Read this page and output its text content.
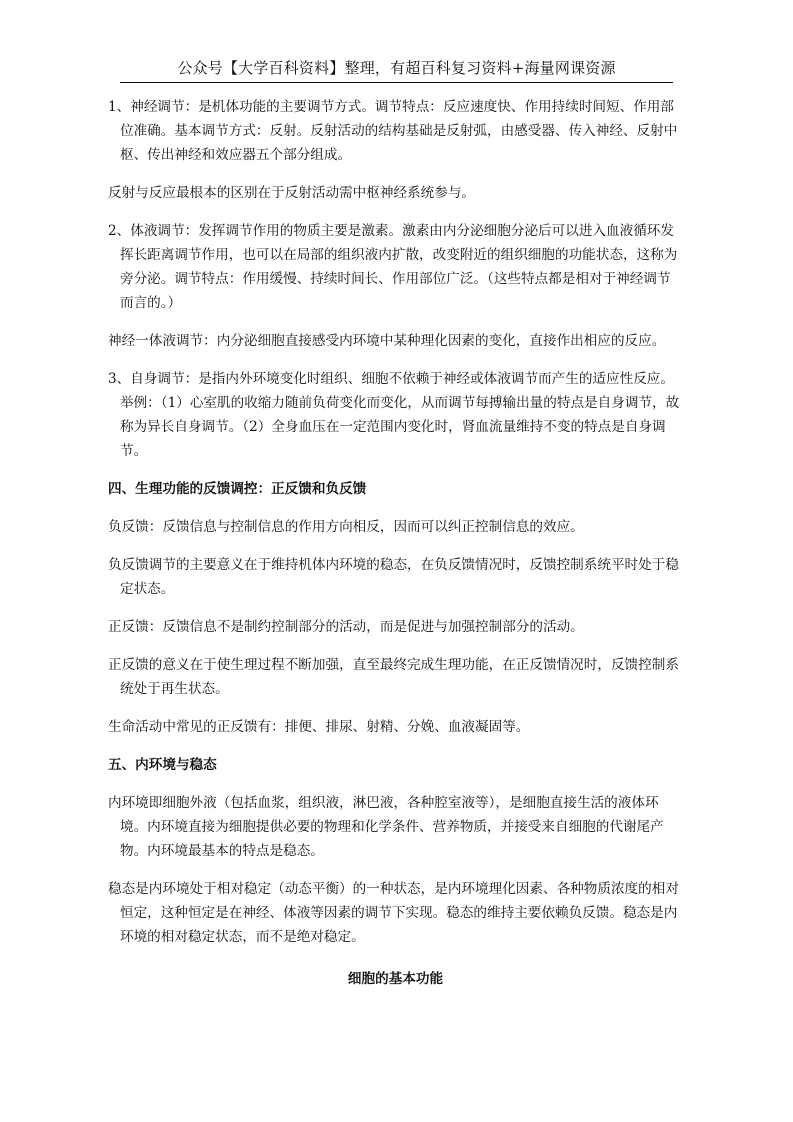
公众号【大学百科资料】整理，有超百科复习资料+海量网课资源

1、神经调节：是机体功能的主要调节方式。调节特点：反应速度快、作用持续时间短、作用部位准确。基本调节方式：反射。反射活动的结构基础是反射弧，由感受器、传入神经、反射中枢、传出神经和效应器五个部分组成。

反射与反应最根本的区别在于反射活动需中枢神经系统参与。

2、体液调节：发挥调节作用的物质主要是激素。激素由内分泌细胞分泌后可以进入血液循环发挥长距离调节作用，也可以在局部的组织液内扩散，改变附近的组织细胞的功能状态，这称为旁分泌。调节特点：作用缓慢、持续时间长、作用部位广泛。（这些特点都是相对于神经调节而言的。）

神经一体液调节：内分泌细胞直接感受内环境中某种理化因素的变化，直接作出相应的反应。

3、自身调节：是指内外环境变化时组织、细胞不依赖于神经或体液调节而产生的适应性反应。举例：（1）心室肌的收缩力随前负荷变化而变化，从而调节每搏输出量的特点是自身调节，故称为异长自身调节。（2）全身血压在一定范围内变化时，肾血流量维持不变的特点是自身调节。

四、生理功能的反馈调控：正反馈和负反馈

负反馈：反馈信息与控制信息的作用方向相反，因而可以纠正控制信息的效应。

负反馈调节的主要意义在于维持机体内环境的稳态，在负反馈情况时，反馈控制系统平时处于稳定状态。

正反馈：反馈信息不是制约控制部分的活动，而是促进与加强控制部分的活动。

正反馈的意义在于使生理过程不断加强，直至最终完成生理功能，在正反馈情况时，反馈控制系统处于再生状态。

生命活动中常见的正反馈有：排便、排尿、射精、分娩、血液凝固等。

五、内环境与稳态

内环境即细胞外液（包括血浆，组织液，淋巴液，各种腔室液等），是细胞直接生活的液体环境。内环境直接为细胞提供必要的物理和化学条件、营养物质，并接受来自细胞的代谢尾产物。内环境最基本的特点是稳态。

稳态是内环境处于相对稳定（动态平衡）的一种状态，是内环境理化因素、各种物质浓度的相对恒定，这种恒定是在神经、体液等因素的调节下实现。稳态的维持主要依赖负反馈。稳态是内环境的相对稳定状态，而不是绝对稳定。

细胞的基本功能
